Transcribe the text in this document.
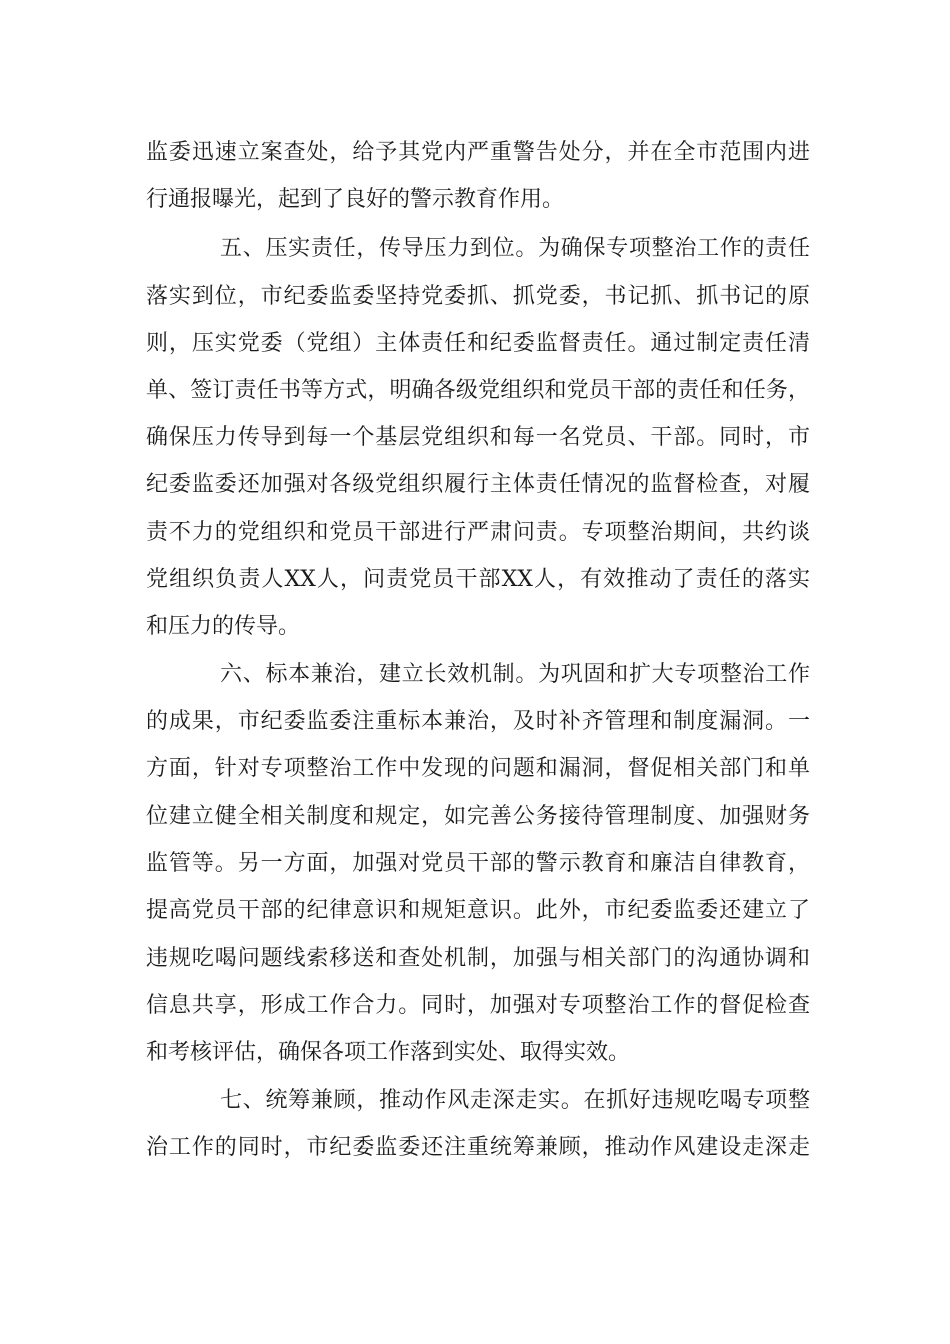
监委迅速立案查处，给予其党内严重警告处分，并在全市范围内进
行通报曝光，起到了良好的警示教育作用。
五、压实责任，传导压力到位。为确保专项整治工作的责任
落实到位，市纪委监委坚持党委抓、抓党委，书记抓、抓书记的原
则，压实党委（党组）主体责任和纪委监督责任。通过制定责任清
单、签订责任书等方式，明确各级党组织和党员干部的责任和任务，
确保压力传导到每一个基层党组织和每一名党员、干部。同时，市
纪委监委还加强对各级党组织履行主体责任情况的监督检查，对履
责不力的党组织和党员干部进行严肃问责。专项整治期间，共约谈
党组织负责人XX人，问责党员干部XX人，有效推动了责任的落实
和压力的传导。
六、标本兼治，建立长效机制。为巩固和扩大专项整治工作
的成果，市纪委监委注重标本兼治，及时补齐管理和制度漏洞。一
方面，针对专项整治工作中发现的问题和漏洞，督促相关部门和单
位建立健全相关制度和规定，如完善公务接待管理制度、加强财务
监管等。另一方面，加强对党员干部的警示教育和廉洁自律教育，
提高党员干部的纪律意识和规矩意识。此外，市纪委监委还建立了
违规吃喝问题线索移送和查处机制，加强与相关部门的沟通协调和
信息共享，形成工作合力。同时，加强对专项整治工作的督促检查
和考核评估，确保各项工作落到实处、取得实效。
七、统筹兼顾，推动作风走深走实。在抓好违规吃喝专项整
治工作的同时，市纪委监委还注重统筹兼顾，推动作风建设走深走
